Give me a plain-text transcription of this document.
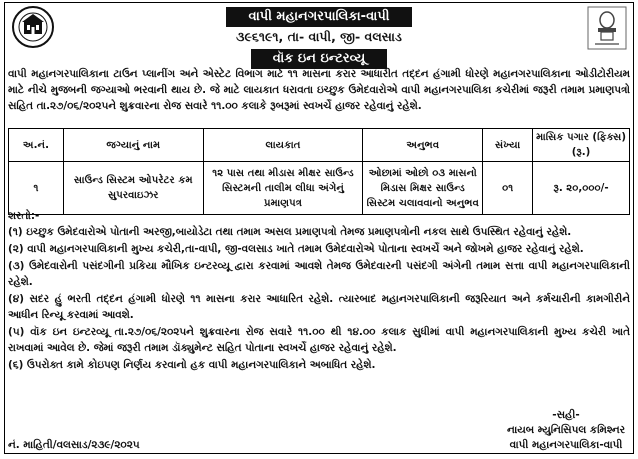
વાપી મહાનગરપાલિકા-વાપી
૩૯૬૧૯૧, તા- વાપી, જી- વલસાડ
વૉક ઇન ઇન્ટરવ્યૂ
વાપી મહાનગરપાલિકાના ટાઉન પ્લાનીંગ અને એસ્ટેટ વિભાગ માટે ૧૧ માસના કરાર આધારીત તદ્દન હંગામી ધોરણે મહાનગરપાલિકાના ઓડીટોરીયમ માટે નીચે મુજબની જગ્યાઓ ભરવાની થાય છે. જે માટે લાયકાત ધરાવતા ઇચ્છુક ઉમેદવારોએ વાપી મહાનગરપાલિકા કચેરીમાં જરૂરી તમામ પ્રમાણપત્રો સહિત તા.૨૭/૦૬/૨૦૨૫ને શુક્રવારના રોજ સવારે ૧૧.૦૦ કલાકે રૂબરૂમાં સ્વખર્ચે હાજર રહેવાનું રહેશે.
અ.નં.	જગ્યાનું નામ	લાયકાત	અનુભવ	સંખ્યા	માસિક પગાર (ફિક્સ) (રૂ.)
૧	સાઉન્ડ સિસ્ટમ ઓપરેટર કમ સુપરવાઇઝર	૧૨ પાસ તથા મીડાસ મીક્ષર સાઉન્ડ સિસ્ટમની તાલીમ લીધા અંગેનું પ્રમાણપત્ર	ઓછામાં ઓછો ૦૩ માસનો મિડાસ મિક્ષર સાઉન્ડ સિસ્ટમ ચલાવવાનો અનુભવ	૦૧	રૂ. ૨૦,૦૦૦/-
શરતો:-

(૧) ઇચ્છુક ઉમેદવારોએ પોતાની અરજી,બાયોડેટા તથા તમામ અસલ પ્રમાણપત્રો તેમજ પ્રમાણપત્રોની નકલ સાથે ઉપસ્થિત રહેવાનું રહેશે.

(૨) વાપી મહાનગરપાલિકાની મુખ્ય કચેરી,તા-વાપી, જી-વલસાડ ખાતે તમામ ઉમેદવારોએ પોતાના સ્વખર્ચે અને જોખમે હાજર રહેવાનું રહેશે.

(૩) ઉમેદવારોની પસંદગીની પ્રકિયા મૌખિક ઇન્ટરવ્યૂ દ્વારા કરવામાં આવશે તેમજ ઉમેદવારની પસંદગી અંગેની તમામ સત્તા વાપી મહાનગરપાલિકાની રહેશે.

(૪) સદર હું ભરતી તદ્દન હંગામી ધોરણે ૧૧ માસના કરાર આધારિત રહેશે. ત્યારબાદ મહાનગરપાલિકાની જરૂરિયાત અને કર્મચારીની કામગીરીને આધીન રિન્યૂ કરવામાં આવશે.

(૫) વૉક ઇન ઇન્ટરવ્યૂ તા.૨૭/૦૬/૨૦૨૫ને શુક્રવારના રોજ સવારે ૧૧.૦૦ થી ૧૪.૦૦ કલાક સુધીમાં વાપી મહાનગરપાલિકાની મુખ્ય કચેરી ખાતે રાખવામાં આવેલ છે. જેમાં જરૂરી તમામ ડૉક્યુમેન્ટ સહિત પોતાના સ્વખર્ચે હાજર રહેવાનું રહેશે.

(૬) ઉપરોક્ત કામે કોઇપણ નિર્ણય કરવાનો હક વાપી મહાનગરપાલિકાને અબાધિત રહેશે.

-સહી-
નાયબ મ્યુનિસિપલ કમિશ્નર
વાપી મહાનગરપાલિકા-વાપી
નં. માહિતી/વલસાડ/૨૩૯/૨૦૨૫
